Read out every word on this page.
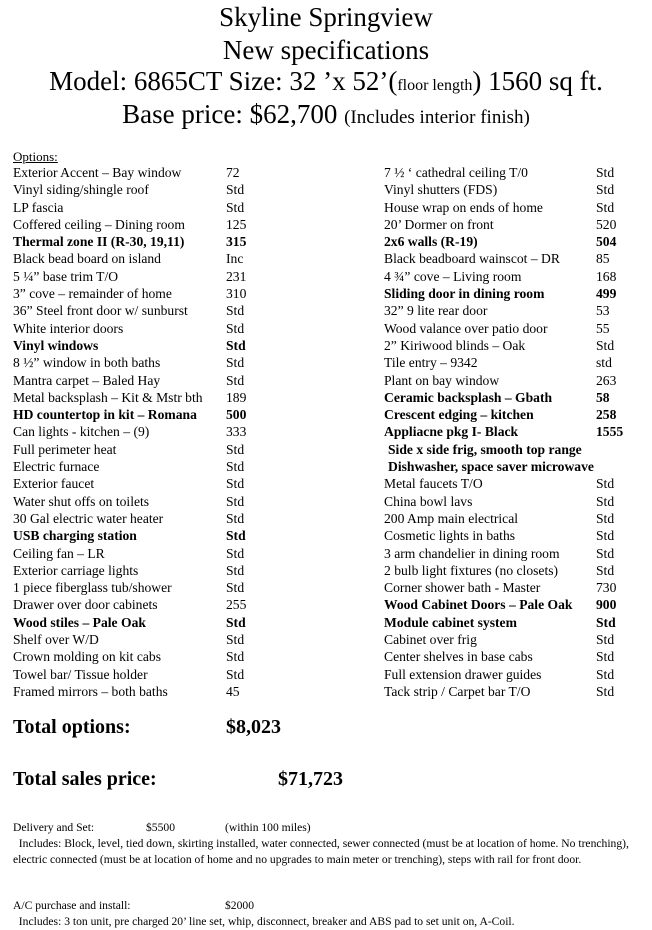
Skyline Springview
New specifications
Model: 6865CT Size: 32 ’x 52’(floor length) 1560 sq ft.
Base price: $62,700 (Includes interior finish)
Options:
Exterior Accent – Bay window	72
Vinyl siding/shingle roof	Std
LP fascia	Std
Coffered ceiling – Dining room	125
Thermal zone II (R-30, 19,11)	315
Black bead board on island	Inc
5 ¼” base trim T/O	231
3” cove – remainder of home	310
36” Steel front door w/ sunburst	Std
White interior doors	Std
Vinyl windows	Std
8 ½” window in both baths	Std
Mantra carpet – Baled Hay	Std
Metal backsplash – Kit & Mstr bth 189
HD countertop in kit – Romana 500
Can lights - kitchen – (9)	333
Full perimeter heat	Std
Electric furnace	Std
Exterior faucet	Std
Water shut offs on toilets	Std
30 Gal electric water heater	Std
USB charging station	Std
Ceiling fan – LR	Std
Exterior carriage lights	Std
1 piece fiberglass tub/shower	Std
Drawer over door cabinets	255
Wood stiles – Pale Oak	Std
Shelf over W/D	Std
Crown molding on kit cabs	Std
Towel bar/ Tissue holder	Std
Framed mirrors – both baths	45
7 ½ ‘ cathedral ceiling T/0	Std
Vinyl shutters (FDS)	Std
House wrap on ends of home	Std
20’ Dormer on front	520
2x6 walls (R-19)	504
Black beadboard wainscot – DR	85
4 ¾” cove – Living room	168
Sliding door in dining room	499
32” 9 lite rear door	53
Wood valance over patio door	55
2” Kiriwood blinds – Oak	Std
Tile entry – 9342	std
Plant on bay window	263
Ceramic backsplash – Gbath	58
Crescent edging – kitchen	258
Appliacne pkg I- Black	1555
Side x side frig, smooth top range
Dishwasher, space saver microwave
Metal faucets T/O	Std
China bowl lavs	Std
200 Amp main electrical	Std
Cosmetic lights in baths	Std
3 arm chandelier in dining room	Std
2 bulb light fixtures (no closets)	Std
Corner shower bath - Master	730
Wood Cabinet Doors – Pale Oak 900
Module cabinet system	Std
Cabinet over frig	Std
Center shelves in base cabs	Std
Full extension drawer guides	Std
Tack strip / Carpet bar T/O	Std
Total options:	$8,023
Total sales price:	$71,723
Delivery and Set:	$5500	(within 100 miles)
Includes: Block, level, tied down, skirting installed, water connected, sewer connected (must be at location of home. No trenching), electric connected (must be at location of home and no upgrades to main meter or trenching), steps with rail for front door.
A/C purchase and install:	$2000
Includes: 3 ton unit, pre charged 20’ line set, whip, disconnect, breaker and ABS pad to set unit on, A-Coil.
